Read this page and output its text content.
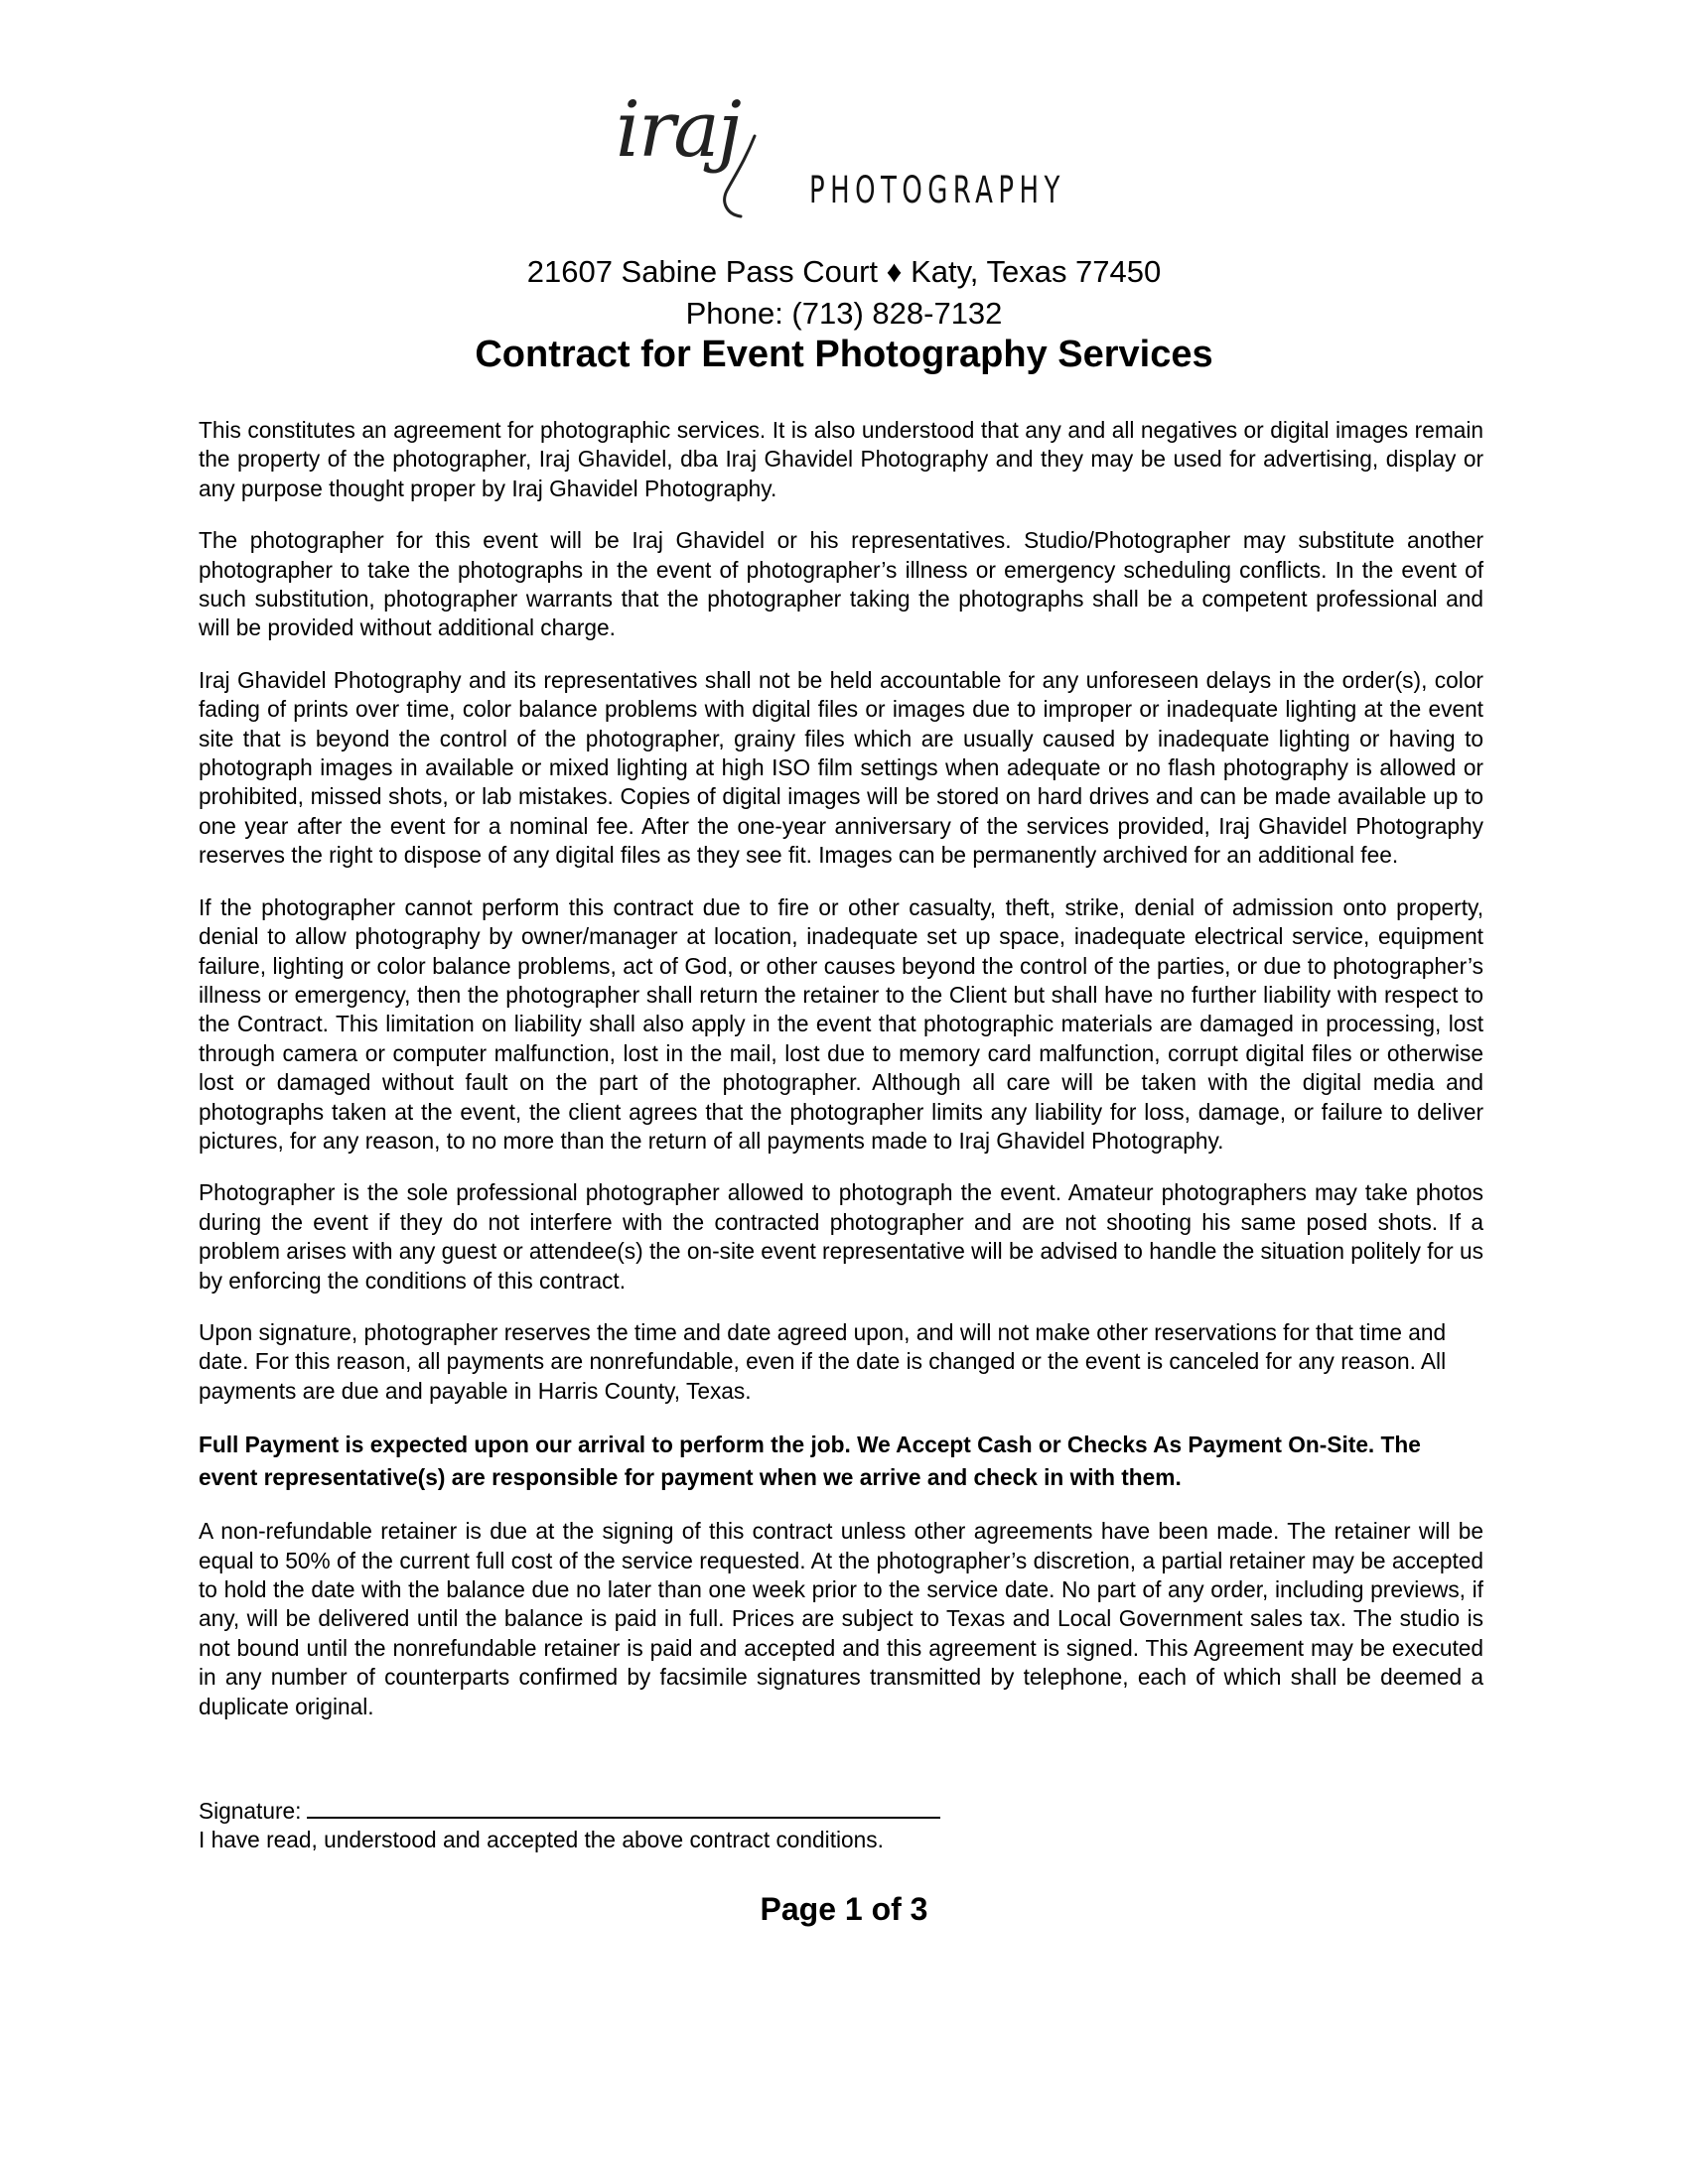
iraj
PHOTOGRAPHY
21607 Sabine Pass Court ♦ Katy, Texas 77450
Phone: (713) 828-7132
Contract for Event Photography Services

This constitutes an agreement for photographic services. It is also understood that any and all negatives or digital images remain the property of the photographer, Iraj Ghavidel, dba Iraj Ghavidel Photography and they may be used for advertising, display or any purpose thought proper by Iraj Ghavidel Photography.

The photographer for this event will be Iraj Ghavidel or his representatives. Studio/Photographer may substitute another photographer to take the photographs in the event of photographer’s illness or emergency scheduling conflicts. In the event of such substitution, photographer warrants that the photographer taking the photographs shall be a competent professional and will be provided without additional charge.

Iraj Ghavidel Photography and its representatives shall not be held accountable for any unforeseen delays in the order(s), color fading of prints over time, color balance problems with digital files or images due to improper or inadequate lighting at the event site that is beyond the control of the photographer, grainy files which are usually caused by inadequate lighting or having to photograph images in available or mixed lighting at high ISO film settings when adequate or no flash photography is allowed or prohibited, missed shots, or lab mistakes. Copies of digital images will be stored on hard drives and can be made available up to one year after the event for a nominal fee. After the one-year anniversary of the services provided, Iraj Ghavidel Photography reserves the right to dispose of any digital files as they see fit. Images can be permanently archived for an additional fee.

If the photographer cannot perform this contract due to fire or other casualty, theft, strike, denial of admission onto property, denial to allow photography by owner/manager at location, inadequate set up space, inadequate electrical service, equipment failure, lighting or color balance problems, act of God, or other causes beyond the control of the parties, or due to photographer’s illness or emergency, then the photographer shall return the retainer to the Client but shall have no further liability with respect to the Contract. This limitation on liability shall also apply in the event that photographic materials are damaged in processing, lost through camera or computer malfunction, lost in the mail, lost due to memory card malfunction, corrupt digital files or otherwise lost or damaged without fault on the part of the photographer. Although all care will be taken with the digital media and photographs taken at the event, the client agrees that the photographer limits any liability for loss, damage, or failure to deliver pictures, for any reason, to no more than the return of all payments made to Iraj Ghavidel Photography.

Photographer is the sole professional photographer allowed to photograph the event. Amateur photographers may take photos during the event if they do not interfere with the contracted photographer and are not shooting his same posed shots. If a problem arises with any guest or attendee(s) the on-site event representative will be advised to handle the situation politely for us by enforcing the conditions of this contract.

Upon signature, photographer reserves the time and date agreed upon, and will not make other reservations for that time and date. For this reason, all payments are nonrefundable, even if the date is changed or the event is canceled for any reason. All payments are due and payable in Harris County, Texas.

Full Payment is expected upon our arrival to perform the job. We Accept Cash or Checks As Payment On-Site. The event representative(s) are responsible for payment when we arrive and check in with them.

A non-refundable retainer is due at the signing of this contract unless other agreements have been made. The retainer will be equal to 50% of the current full cost of the service requested. At the photographer’s discretion, a partial retainer may be accepted to hold the date with the balance due no later than one week prior to the service date. No part of any order, including previews, if any, will be delivered until the balance is paid in full. Prices are subject to Texas and Local Government sales tax. The studio is not bound until the nonrefundable retainer is paid and accepted and this agreement is signed. This Agreement may be executed in any number of counterparts confirmed by facsimile signatures transmitted by telephone, each of which shall be deemed a duplicate original.

Signature:
I have read, understood and accepted the above contract conditions.
Page 1 of 3
